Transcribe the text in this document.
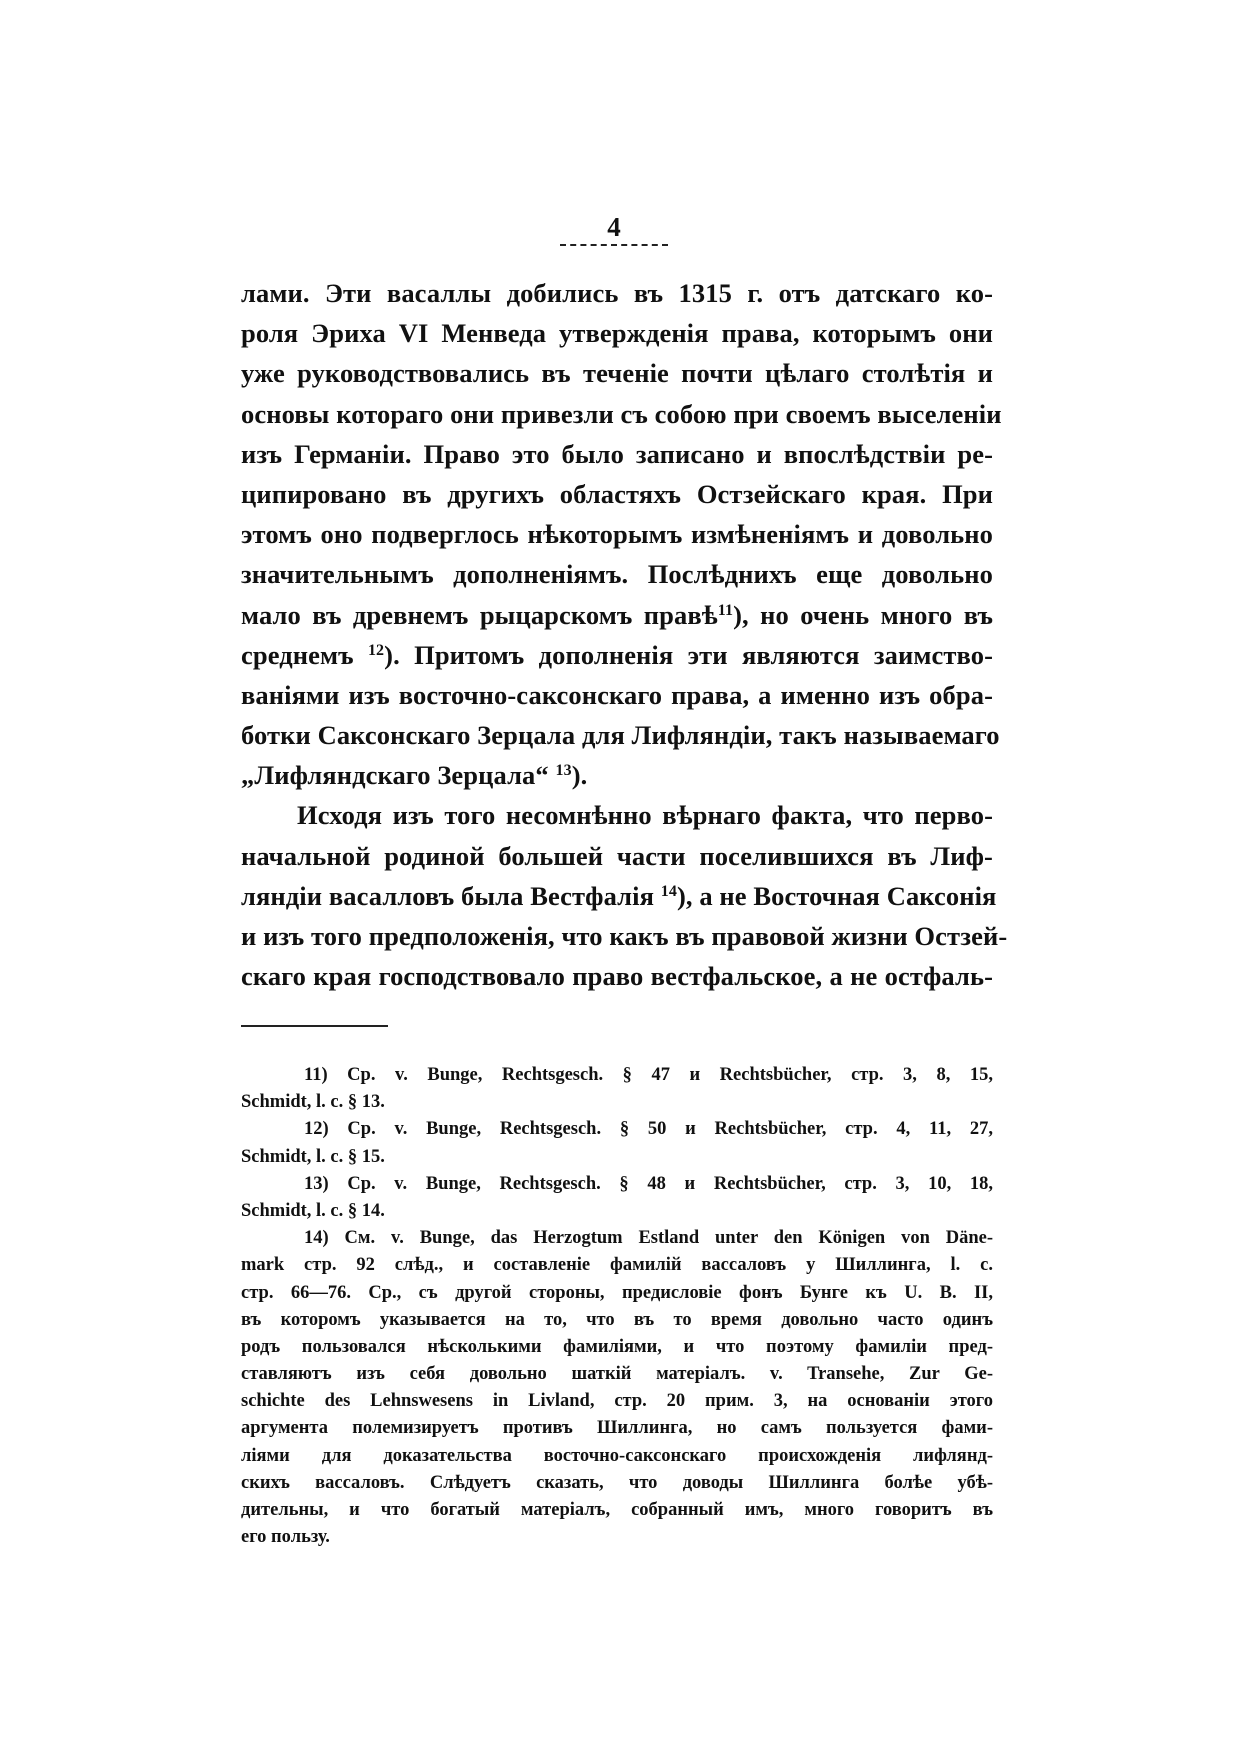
4
лами. Эти васаллы добились въ 1315 г. отъ датскаго ко-
роля Эриха VI Менведа утвержденія права, которымъ они
уже руководствовались въ теченіе почти цѣлаго столѣтія и
основы котораго они привезли съ собою при своемъ выселеніи
изъ Германіи. Право это было записано и впослѣдствіи ре-
ципировано въ другихъ областяхъ Остзейскаго края. При
этомъ оно подверглось нѣкоторымъ измѣненіямъ и довольно
значительнымъ дополненіямъ. Послѣднихъ еще довольно
мало въ древнемъ рыцарскомъ правѣ$^{11}$), но очень много въ
среднемъ $^{12}$). Притомъ дополненія эти являются заимство-
ваніями изъ восточно-саксонскаго права, а именно изъ обра-
ботки Саксонскаго Зерцала для Лифляндіи, такъ называемаго
„Лифляндскаго Зерцала“ $^{13}$).
Исходя изъ того несомнѣнно вѣрнаго факта, что перво-
начальной родиной большей части поселившихся въ Лиф-
ляндіи васалловъ была Вестфалія $^{14}$), а не Восточная Саксонія
и изъ того предположенія, что какъ въ правовой жизни Остзей-
скаго края господствовало право вестфальское, а не остфаль-
11) Ср. v. Bunge, Rechtsgesch. § 47 и Rechtsbücher, стр. 3, 8, 15,
Schmidt, l. c. § 13.
12) Ср. v. Bunge, Rechtsgesch. § 50 и Rechtsbücher, стр. 4, 11, 27,
Schmidt, l. c. § 15.
13) Ср. v. Bunge, Rechtsgesch. § 48 и Rechtsbücher, стр. 3, 10, 18,
Schmidt, l. c. § 14.
14) См. v. Bunge, das Herzogtum Estland unter den Königen von Däne-
mark стр. 92 слѣд., и составленіе фамилій вассаловъ у Шиллинга, l. c.
стр. 66—76. Ср., съ другой стороны, предисловіе фонъ Бунге къ U. B. II,
въ которомъ указывается на то, что въ то время довольно часто одинъ
родъ пользовался нѣсколькими фамиліями, и что поэтому фамиліи пред-
ставляютъ изъ себя довольно шаткій матеріалъ. v. Transehe, Zur Ge-
schichte des Lehnswesens in Livland, стр. 20 прим. 3, на основаніи этого
аргумента полемизируетъ противъ Шиллинга, но самъ пользуется фами-
ліями для доказательства восточно-саксонскаго происхожденія лифлянд-
скихъ вассаловъ. Слѣдуетъ сказать, что доводы Шиллинга болѣе убѣ-
дительны, и что богатый матеріалъ, собранный имъ, много говоритъ въ
его пользу.
